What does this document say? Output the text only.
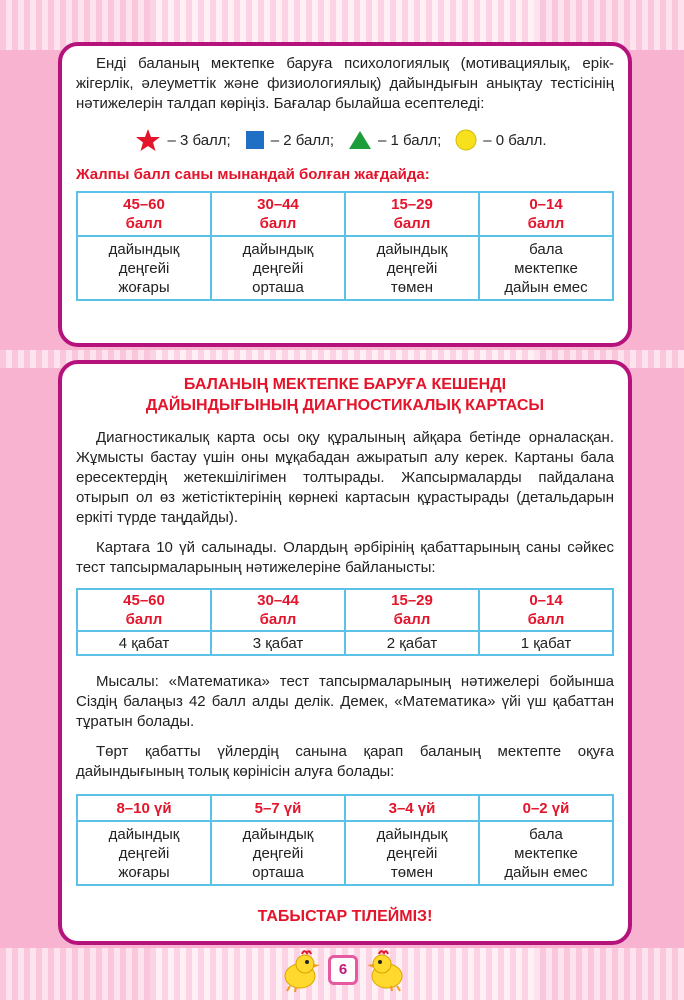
Енді баланың мектепке баруға психологиялық (мотивациялық, ерік-жігерлік, әлеуметтік және физиологиялық) дайындығын анықтау тестісінің нәтижелерін талдап көріңіз. Бағалар былайша есептеледі:

– 3 балл;	– 2 балл;	– 1 балл;	– 0 балл.
Жалпы балл саны мынандай болған жағдайда:
45–60
балл	30–44
балл	15–29
балл	0–14
балл
дайындық
деңгейі
жоғары	дайындық
деңгейі
орташа	дайындық
деңгейі
төмен	бала
мектепке
дайын емес
БАЛАНЫҢ МЕКТЕПКЕ БАРУҒА КЕШЕНДІ
ДАЙЫНДЫҒЫНЫҢ ДИАГНОСТИКАЛЫҚ КАРТАСЫ

Диагностикалық карта осы оқу құралының айқара бетінде орналасқан. Жұмысты бастау үшін оны мұқабадан ажыратып алу керек. Картаны бала ересектердің жетекшілігімен толтырады. Жапсырмаларды пайдалана отырып ол өз жетістіктерінің көрнекі картасын құрастырады (детальдарын еркіті түрде таңдайды).

Картаға 10 үй салынады. Олардың әрбірінің қабаттарының саны сәйкес тест тапсырмаларының нәтижелеріне байланысты:

45–60
балл	30–44
балл	15–29
балл	0–14
балл
4 қабат	3 қабат	2 қабат	1 қабат

Мысалы: «Математика» тест тапсырмаларының нәтижелері бойынша Сіздің балаңыз 42 балл алды делік. Демек, «Математика» үйі үш қабаттан тұратын болады.

Төрт қабатты үйлердің санына қарап баланың мектепте оқуға дайындығының толық көрінісін алуға болады:

8–10 үй	5–7 үй	3–4 үй	0–2 үй
дайындық
деңгейі
жоғары	дайындық
деңгейі
орташа	дайындық
деңгейі
төмен	бала
мектепке
дайын емес
ТАБЫСТАР ТІЛЕЙМІЗ!
6
